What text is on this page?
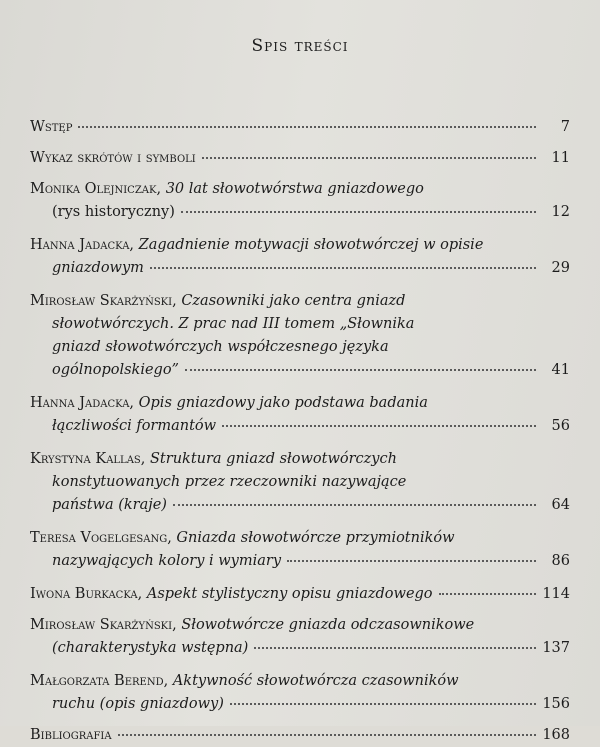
Spis treści
Wstęp	7
Wykaz skrótów i symboli	11
Monika Olejniczak, 30 lat słowotwórstwa gniazdowego
(rys historyczny)	12
Hanna Jadacka, Zagadnienie motywacji słowotwórczej w opisie
gniazdowym	29
Mirosław Skarżyński, Czasowniki jako centra gniazd
słowotwórczych. Z prac nad III tomem „Słownika
gniazd słowotwórczych współczesnego języka
ogólnopolskiego”	41
Hanna Jadacka, Opis gniazdowy jako podstawa badania
łączliwości formantów	56
Krystyna Kallas, Struktura gniazd słowotwórczych
konstytuowanych przez rzeczowniki nazywające
państwa (kraje)	64
Teresa Vogelgesang, Gniazda słowotwórcze przymiotników
nazywających kolory i wymiary	86
Iwona Burkacka, Aspekt stylistyczny opisu gniazdowego	114
Mirosław Skarżyński, Słowotwórcze gniazda odczasownikowe
(charakterystyka wstępna)	137
Małgorzata Berend, Aktywność słowotwórcza czasowników
ruchu (opis gniazdowy)	156
Bibliografia	168
